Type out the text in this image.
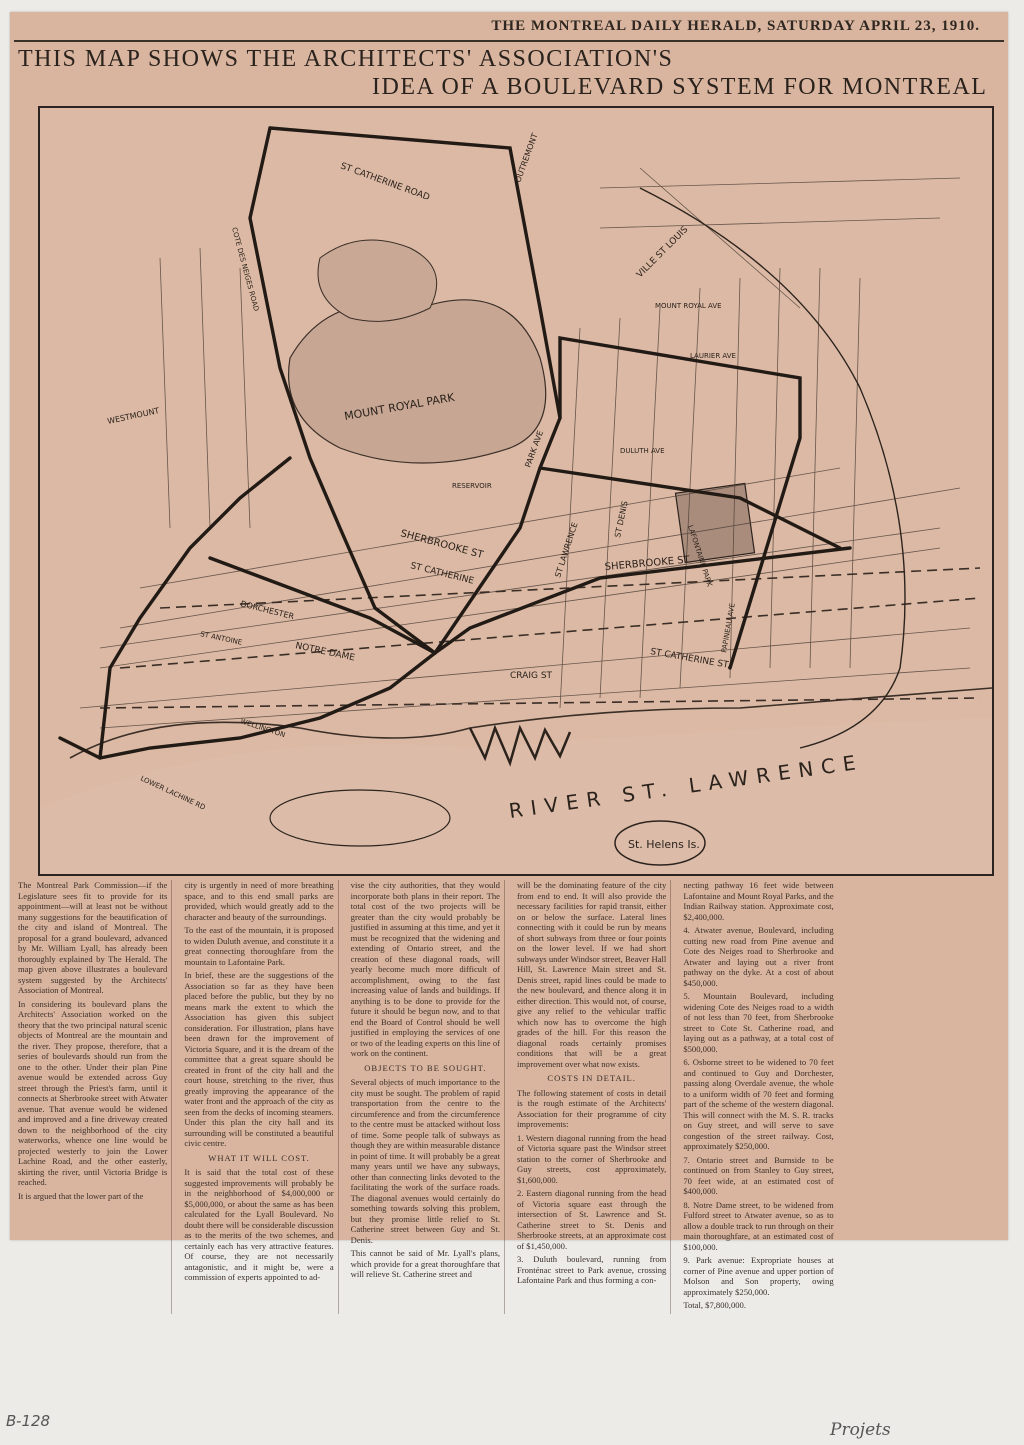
THE MONTREAL DAILY HERALD, SATURDAY APRIL 23, 1910.
THIS MAP SHOWS THE ARCHITECTS' ASSOCIATION'S
IDEA OF A BOULEVARD SYSTEM FOR MONTREAL
MOUNT ROYAL PARK
RIVER ST. LAWRENCE
St. Helens Is.
LAFONTAINE PARK
SHERBROOKE ST
SHERBROOKE ST.
ST CATHERINE
ST CATHERINE ST.
ST CATHERINE ROAD
NOTRE DAME
CRAIG ST
WESTMOUNT
OUTREMONT
VILLE ST LOUIS
PARK AVE
ST LAWRENCE
ST DENIS
PAPINEAU AVE
COTE DES NEIGES ROAD
RESERVOIR
WELLINGTON
DORCHESTER
LAURIER AVE
MOUNT ROYAL AVE
DULUTH AVE
ST ANTOINE
LOWER LACHINE RD

The Montreal Park Commission—if the Legislature sees fit to provide for its appointment—will at least not be without many suggestions for the beautification of the city and island of Montreal. The proposal for a grand boulevard, advanced by Mr. William Lyall, has already been thoroughly explained by The Herald. The map given above illustrates a boulevard system suggested by the Architects' Association of Montreal.

In considering its boulevard plans the Architects' Association worked on the theory that the two principal natural scenic objects of Montreal are the mountain and the river. They propose, therefore, that a series of boulevards should run from the one to the other. Under their plan Pine avenue would be extended across Guy street through the Priest's farm, until it connects at Sherbrooke street with Atwater avenue. That avenue would be widened and improved and a fine driveway created down to the neighborhood of the city waterworks, whence one line would be projected westerly to join the Lower Lachine Road, and the other easterly, skirting the river, until Victoria Bridge is reached.

It is argued that the lower part of the

city is urgently in need of more breathing space, and to this end small parks are provided, which would greatly add to the character and beauty of the surroundings.

To the east of the mountain, it is proposed to widen Duluth avenue, and constitute it a great connecting thoroughfare from the mountain to Lafontaine Park.

In brief, these are the suggestions of the Association so far as they have been placed before the public, but they by no means mark the extent to which the Association has given this subject consideration. For illustration, plans have been drawn for the improvement of Victoria Square, and it is the dream of the committee that a great square should be created in front of the city hall and the court house, stretching to the river, thus greatly improving the appearance of the water front and the approach of the city as seen from the decks of incoming steamers. Under this plan the city hall and its surrounding will be constituted a beautiful civic centre.

WHAT IT WILL COST.

It is said that the total cost of these suggested improvements will probably be in the neighborhood of $4,000,000 or $5,000,000, or about the same as has been calculated for the Lyall Boulevard. No doubt there will be considerable discussion as to the merits of the two schemes, and certainly each has very attractive features. Of course, they are not necessarily antagonistic, and it might be, were a commission of experts appointed to ad-

vise the city authorities, that they would incorporate both plans in their report. The total cost of the two projects will be greater than the city would probably be justified in assuming at this time, and yet it must be recognized that the widening and extending of Ontario street, and the creation of these diagonal roads, will yearly become much more difficult of accomplishment, owing to the fast increasing value of lands and buildings. If anything is to be done to provide for the future it should be begun now, and to that end the Board of Control should be well justified in employing the services of one or two of the leading experts on this line of work on the continent.

OBJECTS TO BE SOUGHT.

Several objects of much importance to the city must be sought. The problem of rapid transportation from the centre to the circumference and from the circumference to the centre must be attacked without loss of time. Some people talk of subways as though they are within measurable distance in point of time. It will probably be a great many years until we have any subways, other than connecting links devoted to the facilitating the work of the surface roads. The diagonal avenues would certainly do something towards solving this problem, but they promise little relief to St. Catherine street between Guy and St. Denis.

This cannot be said of Mr. Lyall's plans, which provide for a great thoroughfare that will relieve St. Catherine street and

will be the dominating feature of the city from end to end. It will also provide the necessary facilities for rapid transit, either on or below the surface. Lateral lines connecting with it could be run by means of short subways from three or four points on the lower level. If we had short subways under Windsor street, Beaver Hall Hill, St. Lawrence Main street and St. Denis street, rapid lines could be made to the new boulevard, and thence along it in either direction. This would not, of course, give any relief to the vehicular traffic which now has to overcome the high grades of the hill. For this reason the diagonal roads certainly promises conditions that will be a great improvement over what now exists.

COSTS IN DETAIL.

The following statement of costs in detail is the rough estimate of the Architects' Association for their programme of city improvements:

1. Western diagonal running from the head of Victoria square past the Windsor street station to the corner of Sherbrooke and Guy streets, cost approximately, $1,600,000.

2. Eastern diagonal running from the head of Victoria square east through the intersection of St. Lawrence and St. Catherine street to St. Denis and Sherbrooke streets, at an approximate cost of $1,450,000.

3. Duluth boulevard, running from Fronténac street to Park avenue, crossing Lafontaine Park and thus forming a con-

necting pathway 16 feet wide between Lafontaine and Mount Royal Parks, and the Indian Railway station. Approximate cost, $2,400,000.

4. Atwater avenue, Boulevard, including cutting new road from Pine avenue and Cote des Neiges road to Sherbrooke and Atwater and laying out a river front pathway on the dyke. At a cost of about $450,000.

5. Mountain Boulevard, including widening Cote des Neiges road to a width of not less than 70 feet, from Sherbrooke street to Cote St. Catherine road, and laying out as a pathway, at a total cost of $500,000.

6. Osborne street to be widened to 70 feet and continued to Guy and Dorchester, passing along Overdale avenue, the whole to a uniform width of 70 feet and forming part of the scheme of the western diagonal. This will connect with the M. S. R. tracks on Guy street, and will serve to save congestion of the street railway. Cost, approximately $250,000.

7. Ontario street and Burnside to be continued on from Stanley to Guy street, 70 feet wide, at an estimated cost of $400,000.

8. Notre Dame street, to be widened from Fulford street to Atwater avenue, so as to allow a double track to run through on their main thoroughfare, at an estimated cost of $100,000.

9. Park avenue: Expropriate houses at corner of Pine avenue and upper portion of Molson and Son property, owing approximately $250,000.

Total, $7,800,000.

B-128	Projets
